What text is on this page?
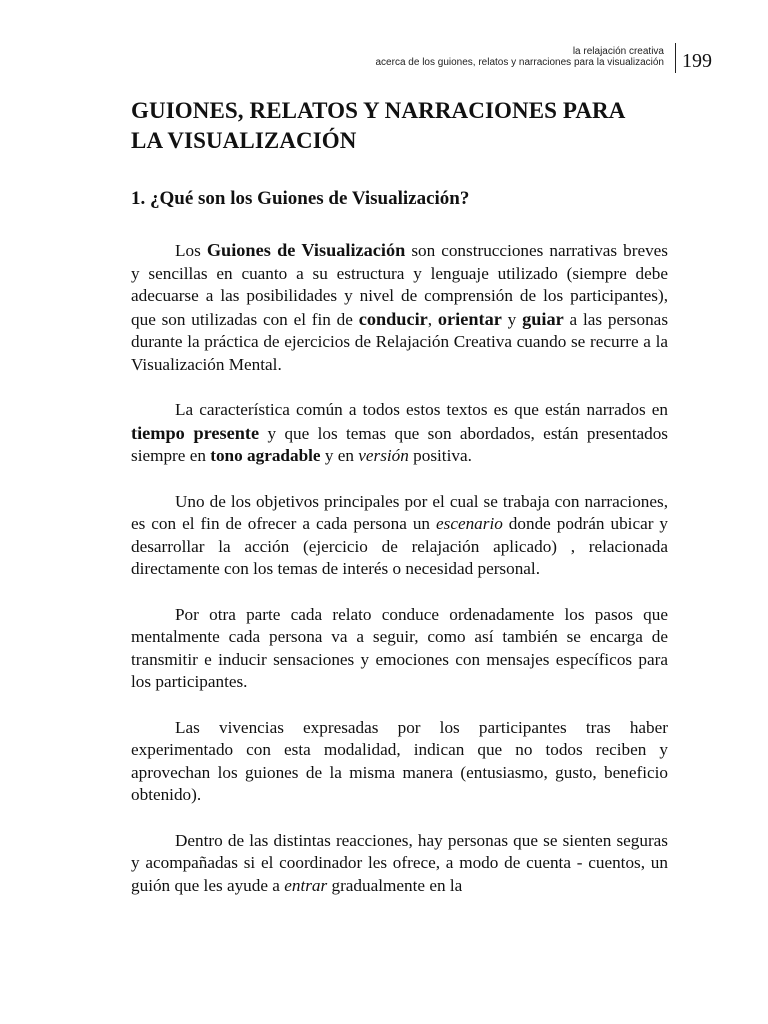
la relajación creativa
acerca de los guiones, relatos y narraciones para la visualización 199
GUIONES, RELATOS Y NARRACIONES PARA
LA VISUALIZACIÓN
1. ¿Qué son los Guiones de Visualización?

Los Guiones de Visualización son construcciones narrativas breves y sencillas en cuanto a su estructura y lenguaje utilizado (siempre debe adecuarse a las posibilidades y nivel de comprensión de los participantes), que son utilizadas con el fin de conducir, orientar y guiar a las personas durante la práctica de ejercicios de Relajación Creativa cuando se recurre a la Visualización Mental.

La característica común a todos estos textos es que están narrados en tiempo presente y que los temas que son abordados, están presentados siempre en tono agradable y en versión positiva.

Uno de los objetivos principales por el cual se trabaja con narraciones, es con el fin de ofrecer a cada persona un escenario donde podrán ubicar y desarrollar la acción (ejercicio de relajación aplicado) , relacionada directamente con los temas de interés o necesidad personal.

Por otra parte cada relato conduce ordenadamente los pasos que mentalmente cada persona va a seguir, como así también se encarga de transmitir e inducir sensaciones y emociones con mensajes específicos para los participantes.

Las vivencias expresadas por los participantes tras haber experimentado con esta modalidad, indican que no todos reciben y aprovechan los guiones de la misma manera (entusiasmo, gusto, beneficio obtenido).

Dentro de las distintas reacciones, hay personas que se sienten seguras y acompañadas si el coordinador les ofrece, a modo de cuenta - cuentos, un guión que les ayude a entrar gradualmente en la
